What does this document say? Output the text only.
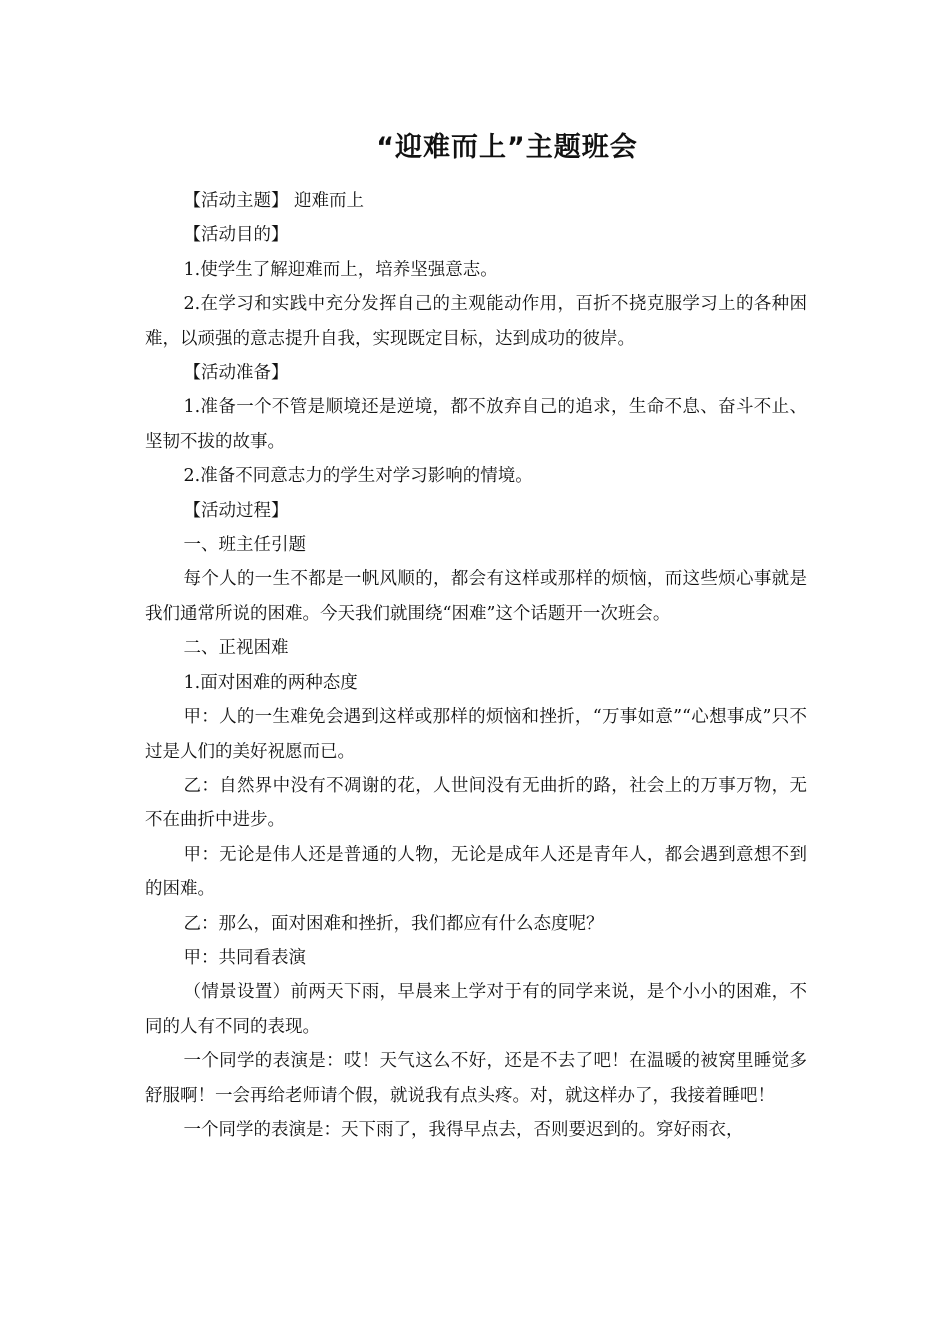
“迎难而上”主题班会

【活动主题】 迎难而上

【活动目的】

1.使学生了解迎难而上，培养坚强意志。

2.在学习和实践中充分发挥自己的主观能动作用，百折不挠克服学习上的各种困难，以顽强的意志提升自我，实现既定目标，达到成功的彼岸。

【活动准备】

1.准备一个不管是顺境还是逆境，都不放弃自己的追求，生命不息、奋斗不止、坚韧不拔的故事。

2.准备不同意志力的学生对学习影响的情境。

【活动过程】

一、班主任引题

每个人的一生不都是一帆风顺的，都会有这样或那样的烦恼，而这些烦心事就是我们通常所说的困难。今天我们就围绕“困难”这个话题开一次班会。

二、正视困难

1.面对困难的两种态度

甲：人的一生难免会遇到这样或那样的烦恼和挫折，“万事如意”“心想事成”只不过是人们的美好祝愿而已。

乙：自然界中没有不凋谢的花，人世间没有无曲折的路，社会上的万事万物，无不在曲折中进步。

甲：无论是伟人还是普通的人物，无论是成年人还是青年人，都会遇到意想不到的困难。

乙：那么，面对困难和挫折，我们都应有什么态度呢？

甲：共同看表演

（情景设置）前两天下雨，早晨来上学对于有的同学来说，是个小小的困难，不同的人有不同的表现。

一个同学的表演是：哎！天气这么不好，还是不去了吧！在温暖的被窝里睡觉多舒服啊！一会再给老师请个假，就说我有点头疼。对，就这样办了，我接着睡吧！

一个同学的表演是：天下雨了，我得早点去，否则要迟到的。穿好雨衣，
